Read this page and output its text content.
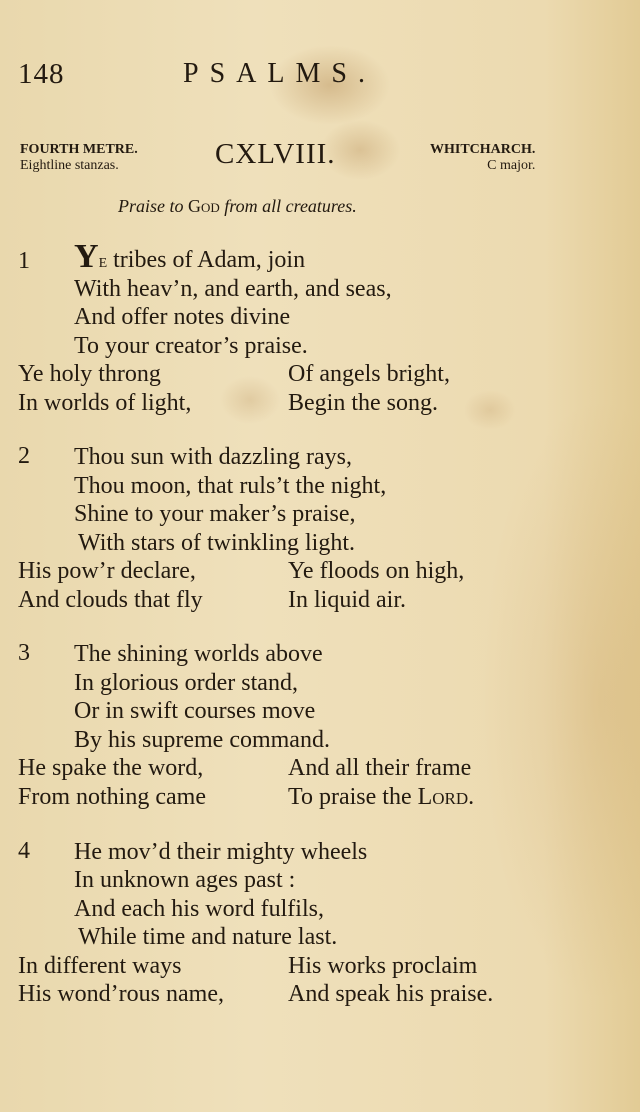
148	PSALMS.
FOURTH METRE.
Eightline stanzas.	CXLVIII.	WHITCHARCH.
C major.
Praise to God from all creatures.
1 Ye tribes of Adam, join
With heav’n, and earth, and seas,
And offer notes divine
To your creator’s praise.
Ye holy throng	Of angels bright,
In worlds of light,	Begin the song.
2 Thou sun with dazzling rays,
Thou moon, that ruls’t the night,
Shine to your maker’s praise,
With stars of twinkling light.
His pow’r declare,	Ye floods on high,
And clouds that fly	In liquid air.
3 The shining worlds above
In glorious order stand,
Or in swift courses move
By his supreme command.
He spake the word,	And all their frame
From nothing came	To praise the Lord.
4 He mov’d their mighty wheels
In unknown ages past :
And each his word fulfils,
While time and nature last.
In different ways	His works proclaim
His wond’rous name,	And speak his praise.
